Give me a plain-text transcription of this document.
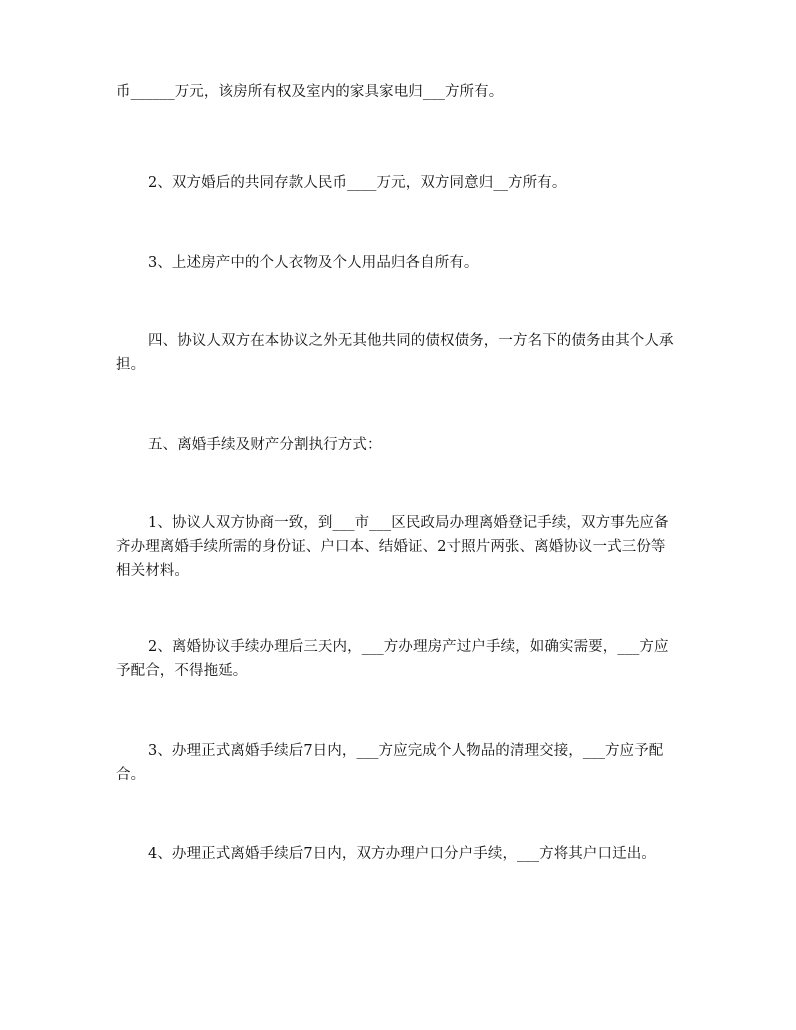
币______万元，该房所有权及室内的家具家电归___方所有。

2、双方婚后的共同存款人民币____万元，双方同意归__方所有。

3、上述房产中的个人衣物及个人用品归各自所有。

四、协议人双方在本协议之外无其他共同的债权债务，一方名下的债务由其个人承担。

五、离婚手续及财产分割执行方式：

1、协议人双方协商一致，到___市___区民政局办理离婚登记手续，双方事先应备齐办理离婚手续所需的身份证、户口本、结婚证、2寸照片两张、离婚协议一式三份等相关材料。

2、离婚协议手续办理后三天内，___方办理房产过户手续，如确实需要，___方应予配合，不得拖延。

3、办理正式离婚手续后7日内，___方应完成个人物品的清理交接，___方应予配合。

4、办理正式离婚手续后7日内，双方办理户口分户手续，___方将其户口迁出。
